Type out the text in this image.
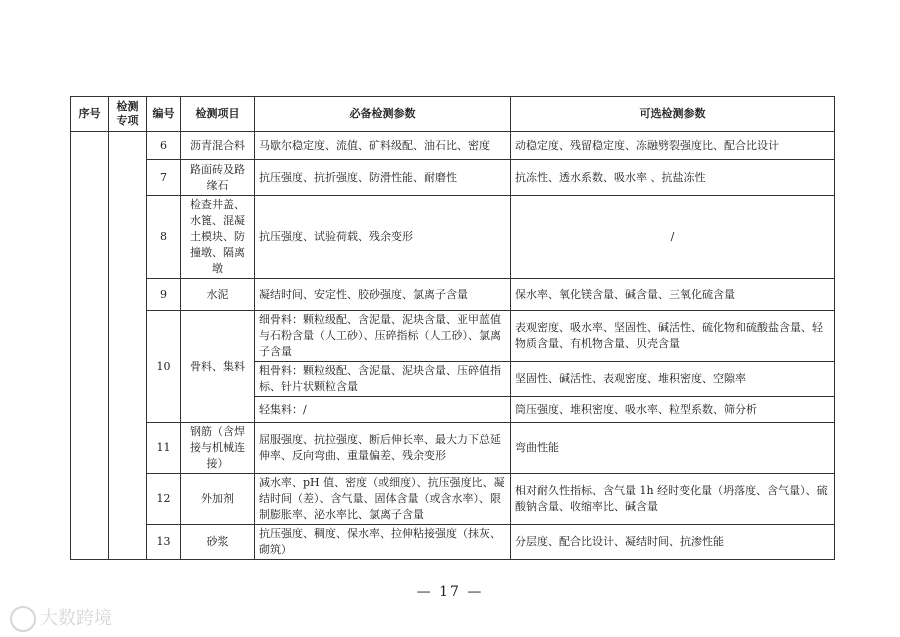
序号	检测专项	编号	检测项目	必备检测参数	可选检测参数
		6	沥青混合料	马歇尔稳定度、流值、矿料级配、油石比、密度	动稳定度、残留稳定度、冻融劈裂强度比、配合比设计
		7	路面砖及路缘石	抗压强度、抗折强度、防滑性能、耐磨性	抗冻性、透水系数、吸水率 、抗盐冻性
		8	检查井盖、水篦、混凝土模块、防撞墩、隔离墩	抗压强度、试验荷载、残余变形	/
		9	水泥	凝结时间、安定性、胶砂强度、氯离子含量	保水率、氧化镁含量、碱含量、三氧化硫含量
		10	骨料、集料	细骨料：颗粒级配、含泥量、泥块含量、亚甲蓝值与石粉含量（人工砂）、压碎指标（人工砂）、氯离子含量	表观密度、吸水率、坚固性、碱活性、硫化物和硫酸盐含量、轻物质含量、有机物含量、贝壳含量
				粗骨料：颗粒级配、含泥量、泥块含量、压碎值指标、针片状颗粒含量	坚固性、碱活性、表观密度、堆积密度、空隙率
				轻集料：/	筒压强度、堆积密度、吸水率、粒型系数、筛分析
		11	钢筋（含焊接与机械连接）	屈服强度、抗拉强度、断后伸长率、最大力下总延伸率、反向弯曲、重量偏差、残余变形	弯曲性能
		12	外加剂	减水率、pH 值、密度（或细度）、抗压强度比、凝结时间（差）、含气量、固体含量（或含水率）、限制膨胀率、泌水率比、氯离子含量	相对耐久性指标、含气量 1h 经时变化量（坍落度、含气量）、硫酸钠含量、收缩率比、碱含量
		13	砂浆	抗压强度、稠度、保水率、拉伸粘接强度（抹灰、砌筑）	分层度、配合比设计、凝结时间、抗渗性能
— 17 —
大数跨境
